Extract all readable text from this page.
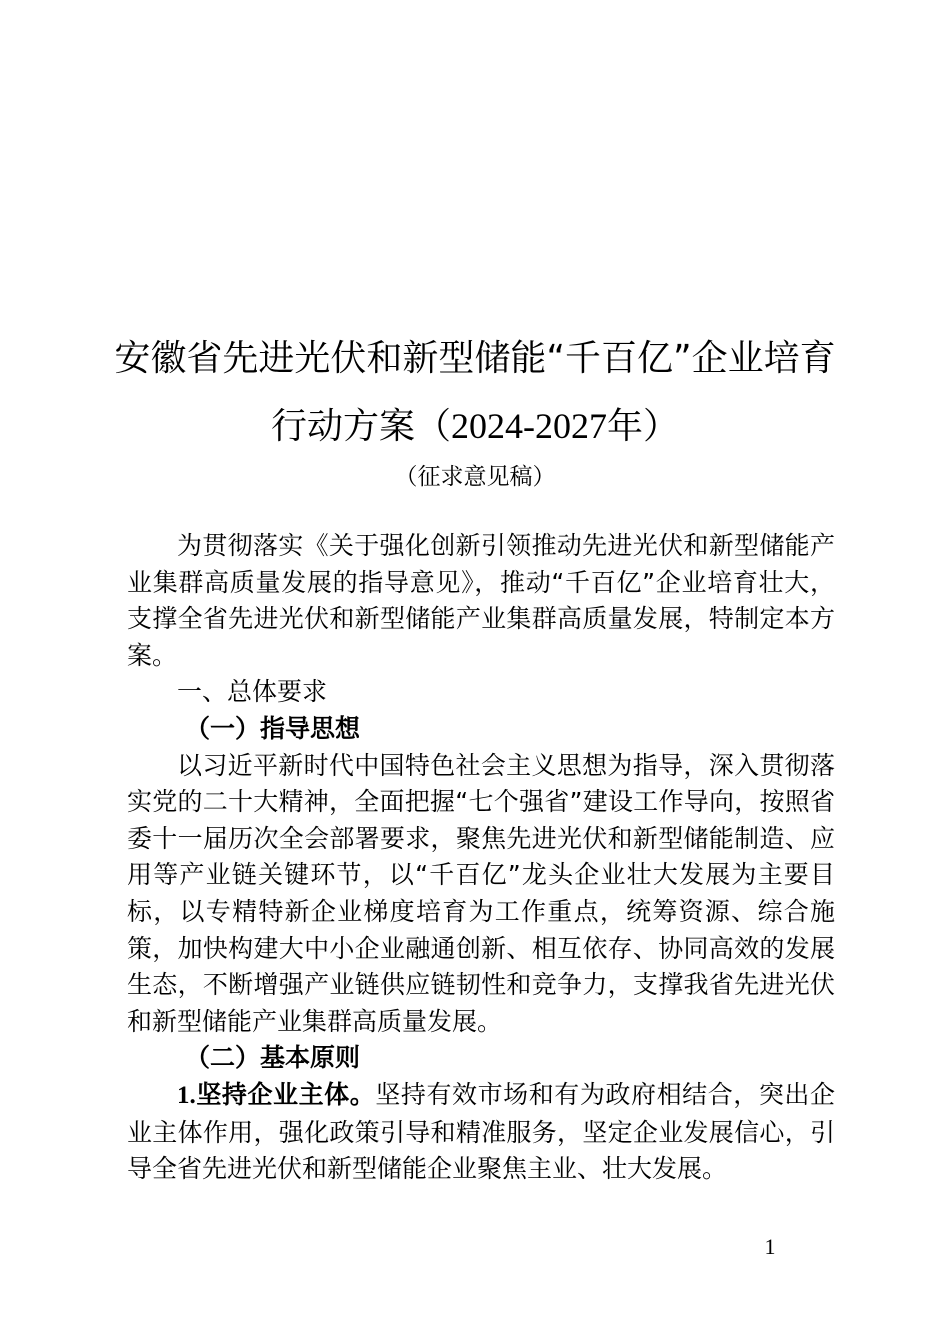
安徽省先进光伏和新型储能“千百亿”企业培育
行动方案（2024-2027年）
（征求意见稿）

为贯彻落实《关于强化创新引领推动先进光伏和新型储能产业集群高质量发展的指导意见》，推动“千百亿”企业培育壮大，支撑全省先进光伏和新型储能产业集群高质量发展，特制定本方案。

一、总体要求

（一）指导思想

以习近平新时代中国特色社会主义思想为指导，深入贯彻落实党的二十大精神，全面把握“七个强省”建设工作导向，按照省委十一届历次全会部署要求，聚焦先进光伏和新型储能制造、应用等产业链关键环节，以“千百亿”龙头企业壮大发展为主要目标，以专精特新企业梯度培育为工作重点，统筹资源、综合施策，加快构建大中小企业融通创新、相互依存、协同高效的发展生态，不断增强产业链供应链韧性和竞争力，支撑我省先进光伏和新型储能产业集群高质量发展。

（二）基本原则

1.坚持企业主体。坚持有效市场和有为政府相结合，突出企业主体作用，强化政策引导和精准服务，坚定企业发展信心，引导全省先进光伏和新型储能企业聚焦主业、壮大发展。

1
